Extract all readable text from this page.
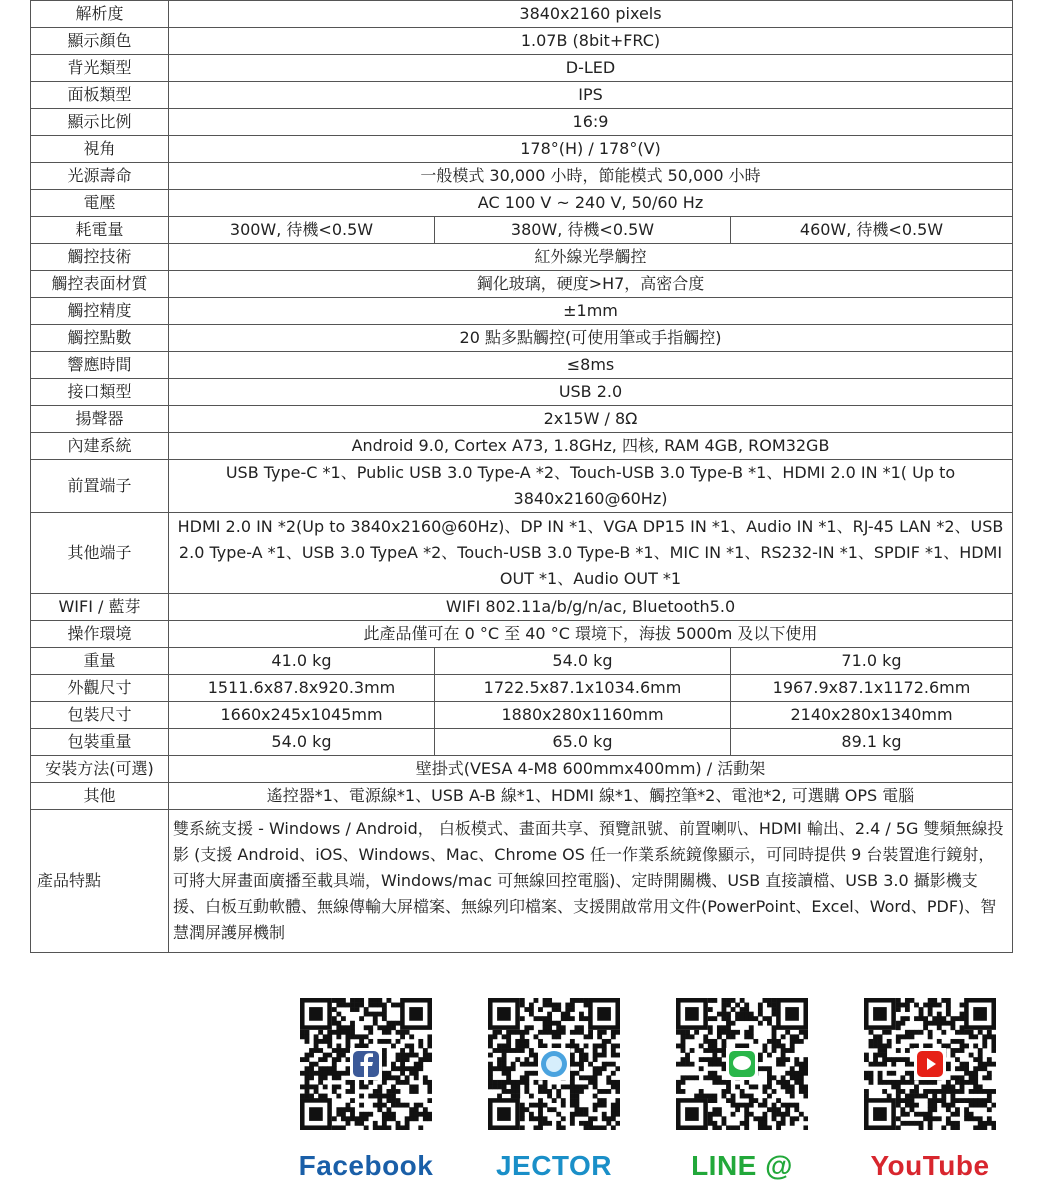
解析度	3840x2160 pixels		
顯示顏色	1.07B (8bit+FRC)		
背光類型	D-LED		
面板類型	IPS		
顯示比例	16:9		
視角	178°(H) / 178°(V)		
光源壽命	一般模式 30,000 小時，節能模式 50,000 小時		
電壓	AC 100 V ~ 240 V, 50/60 Hz		
耗電量	300W, 待機<0.5W	380W, 待機<0.5W	460W, 待機<0.5W
觸控技術	紅外線光學觸控		
觸控表面材質	鋼化玻璃，硬度>H7，高密合度		
觸控精度	±1mm		
觸控點數	20 點多點觸控(可使用筆或手指觸控)		
響應時間	≤8ms		
接口類型	USB 2.0		
揚聲器	2x15W / 8Ω		
內建系統	Android 9.0, Cortex A73, 1.8GHz, 四核, RAM 4GB, ROM32GB		
前置端子	USB Type-C *1、Public USB 3.0 Type-A *2、Touch-USB 3.0 Type-B *1、HDMI 2.0 IN *1( Up to 3840x2160@60Hz)		
其他端子	HDMI 2.0 IN *2(Up to 3840x2160@60Hz)、DP IN *1、VGA DP15 IN *1、Audio IN *1、RJ-45 LAN *2、USB 2.0 Type-A *1、USB 3.0 TypeA *2、Touch-USB 3.0 Type-B *1、MIC IN *1、RS232-IN *1、SPDIF *1、HDMI OUT *1、Audio OUT *1		
WIFI / 藍芽	WIFI 802.11a/b/g/n/ac, Bluetooth5.0		
操作環境	此產品僅可在 0 °C 至 40 °C 環境下，海拔 5000m 及以下使用		
重量	41.0 kg	54.0 kg	71.0 kg
外觀尺寸	1511.6x87.8x920.3mm	1722.5x87.1x1034.6mm	1967.9x87.1x1172.6mm
包裝尺寸	1660x245x1045mm	1880x280x1160mm	2140x280x1340mm
包裝重量	54.0 kg	65.0 kg	89.1 kg
安裝方法(可選)	壁掛式(VESA 4-M8 600mmx400mm) / 活動架		
其他	遙控器*1、電源線*1、USB A-B 線*1、HDMI 線*1、觸控筆*2、電池*2, 可選購 OPS 電腦		
產品特點	雙系統支援 - Windows / Android， 白板模式、畫面共享、預覽訊號、前置喇叭、HDMI 輸出、2.4 / 5G 雙頻無線投影 (支援 Android、iOS、Windows、Mac、Chrome OS 任一作業系統鏡像顯示，可同時提供 9 台裝置進行鏡射，可將大屏畫面廣播至載具端，Windows/mac 可無線回控電腦)、定時開關機、USB 直接讀檔、USB 3.0 攝影機支援、白板互動軟體、無線傳輸大屏檔案、無線列印檔案、支援開啟常用文件(PowerPoint、Excel、Word、PDF)、智慧潤屏護屏機制		
Facebook	JECTOR	LINE @	YouTube
